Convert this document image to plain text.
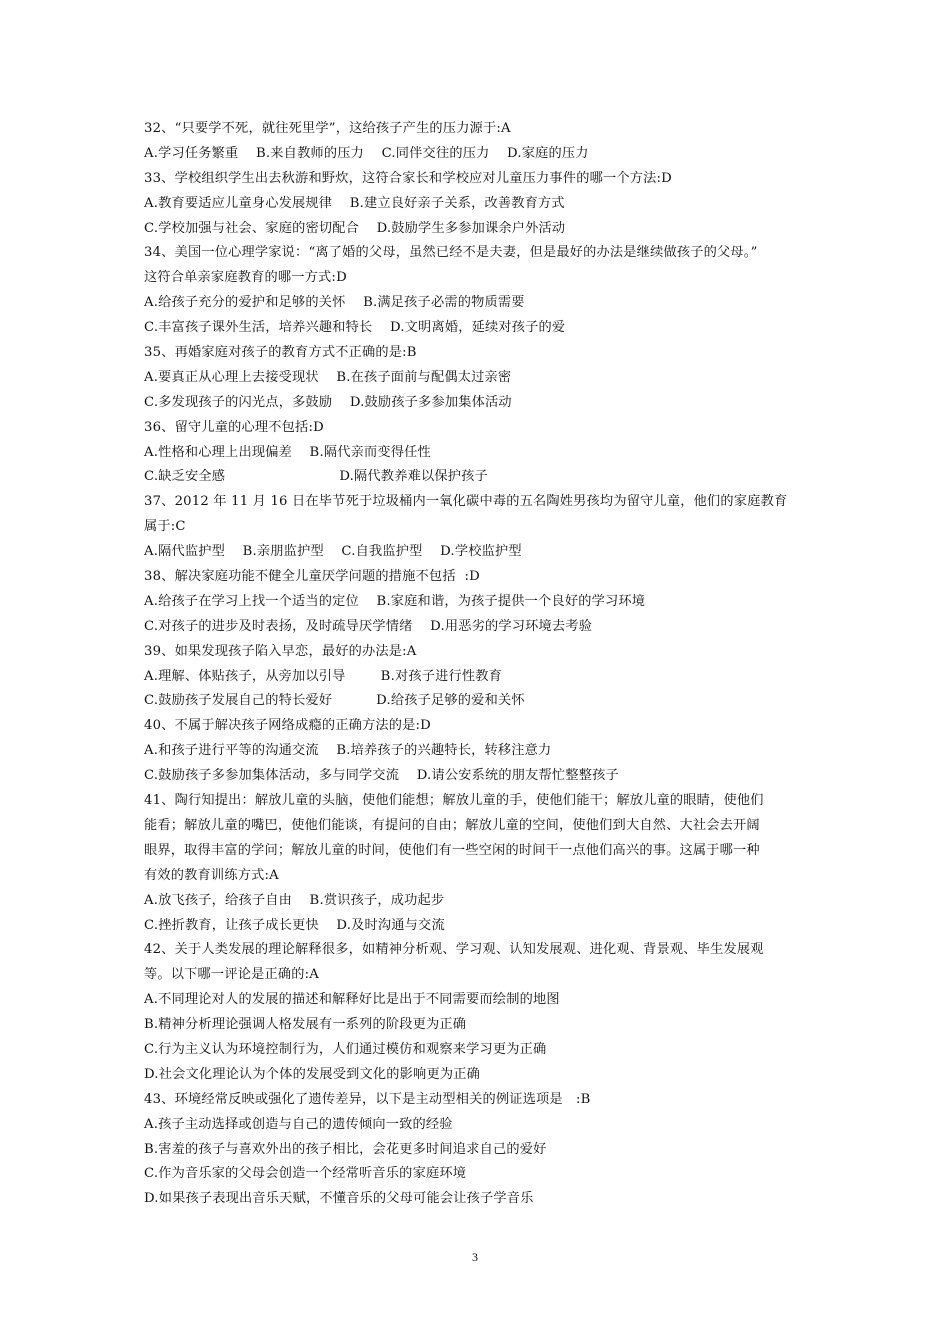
32、“只要学不死，就往死里学”，这给孩子产生的压力源于:A
A.学习任务繁重    B.来自教师的压力    C.同伴交往的压力    D.家庭的压力
33、学校组织学生出去秋游和野炊，这符合家长和学校应对儿童压力事件的哪一个方法:D
A.教育要适应儿童身心发展规律    B.建立良好亲子关系，改善教育方式
C.学校加强与社会、家庭的密切配合    D.鼓励学生多参加课余户外活动
34、美国一位心理学家说：“离了婚的父母，虽然已经不是夫妻，但是最好的办法是继续做孩子的父母。”
这符合单亲家庭教育的哪一方式:D
A.给孩子充分的爱护和足够的关怀    B.满足孩子必需的物质需要
C.丰富孩子课外生活，培养兴趣和特长    D.文明离婚，延续对孩子的爱
35、再婚家庭对孩子的教育方式不正确的是:B
A.要真正从心理上去接受现状    B.在孩子面前与配偶太过亲密
C.多发现孩子的闪光点，多鼓励    D.鼓励孩子多参加集体活动
36、留守儿童的心理不包括:D
A.性格和心理上出现偏差    B.隔代亲而变得任性
C.缺乏安全感                          D.隔代教养难以保护孩子
37、2012 年 11 月 16 日在毕节死于垃圾桶内一氧化碳中毒的五名陶姓男孩均为留守儿童，他们的家庭教育
属于:C
A.隔代监护型    B.亲朋监护型    C.自我监护型    D.学校监护型
38、解决家庭功能不健全儿童厌学问题的措施不包括  :D
A.给孩子在学习上找一个适当的定位    B.家庭和谐，为孩子提供一个良好的学习环境
C.对孩子的进步及时表扬，及时疏导厌学情绪    D.用恶劣的学习环境去考验
39、如果发现孩子陷入早恋，最好的办法是:A
A.理解、体贴孩子，从旁加以引导        B.对孩子进行性教育
C.鼓励孩子发展自己的特长爱好          D.给孩子足够的爱和关怀
40、不属于解决孩子网络成瘾的正确方法的是:D
A.和孩子进行平等的沟通交流    B.培养孩子的兴趣特长，转移注意力
C.鼓励孩子多参加集体活动，多与同学交流    D.请公安系统的朋友帮忙整整孩子
41、陶行知提出：解放儿童的头脑，使他们能想；解放儿童的手，使他们能干；解放儿童的眼睛，使他们
能看；解放儿童的嘴巴，使他们能谈，有提问的自由；解放儿童的空间，使他们到大自然、大社会去开阔
眼界，取得丰富的学问；解放儿童的时间，使他们有一些空闲的时间干一点他们高兴的事。这属于哪一种
有效的教育训练方式:A
A.放飞孩子，给孩子自由    B.赏识孩子，成功起步
C.挫折教育，让孩子成长更快    D.及时沟通与交流
42、关于人类发展的理论解释很多，如精神分析观、学习观、认知发展观、进化观、背景观、毕生发展观
等。以下哪一评论是正确的:A
A.不同理论对人的发展的描述和解释好比是出于不同需要而绘制的地图
B.精神分析理论强调人格发展有一系列的阶段更为正确
C.行为主义认为环境控制行为，人们通过模仿和观察来学习更为正确
D.社会文化理论认为个体的发展受到文化的影响更为正确
43、环境经常反映或强化了遗传差异，以下是主动型相关的例证选项是   :B
A.孩子主动选择或创造与自己的遗传倾向一致的经验
B.害羞的孩子与喜欢外出的孩子相比，会花更多时间追求自己的爱好
C.作为音乐家的父母会创造一个经常听音乐的家庭环境
D.如果孩子表现出音乐天赋，不懂音乐的父母可能会让孩子学音乐
3
